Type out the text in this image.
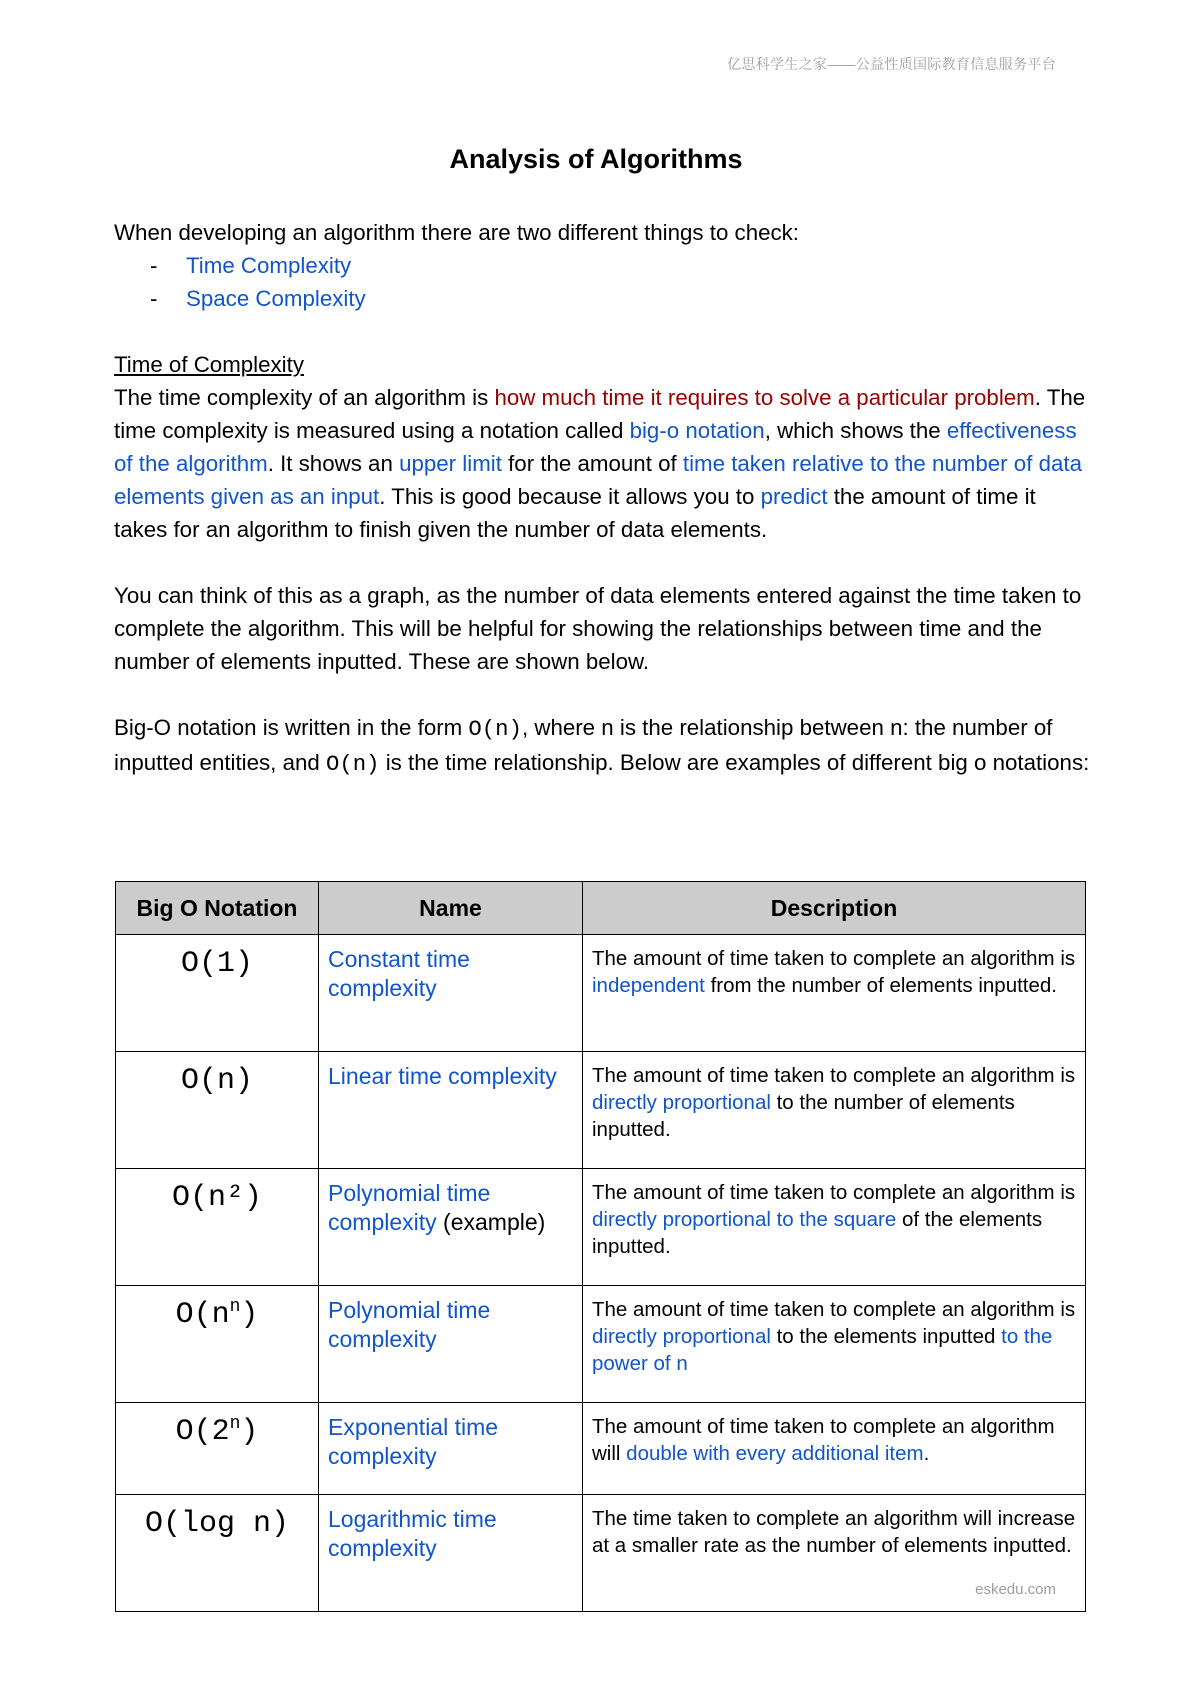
亿思科学生之家——公益性质国际教育信息服务平台
Analysis of Algorithms

When developing an algorithm there are two different things to check:

-	Time Complexity
-	Space Complexity

Time of Complexity

The time complexity of an algorithm is how much time it requires to solve a particular problem. The time complexity is measured using a notation called big-o notation, which shows the effectiveness of the algorithm. It shows an upper limit for the amount of time taken relative to the number of data elements given as an input. This is good because it allows you to predict the amount of time it takes for an algorithm to finish given the number of data elements.

You can think of this as a graph, as the number of data elements entered against the time taken to complete the algorithm. This will be helpful for showing the relationships between time and the number of elements inputted. These are shown below.

Big-O notation is written in the form O(n), where n is the relationship between n: the number of inputted entities, and O(n) is the time relationship. Below are examples of different big o notations:

Big O Notation	Name	Description
O(1)	Constant time complexity	The amount of time taken to complete an algorithm is independent from the number of elements inputted.
O(n)	Linear time complexity	The amount of time taken to complete an algorithm is directly proportional to the number of elements inputted.
O(n²)	Polynomial time complexity (example)	The amount of time taken to complete an algorithm is directly proportional to the square of the elements inputted.
$O(n^n)$	Polynomial time complexity	The amount of time taken to complete an algorithm is directly proportional to the elements inputted to the power of n
O(2$^n$)	Exponential time complexity	The amount of time taken to complete an algorithm will double with every additional item.
O(log n)	Logarithmic time complexity	The time taken to complete an algorithm will increase at a smaller rate as the number of elements inputted.
eskedu.com
